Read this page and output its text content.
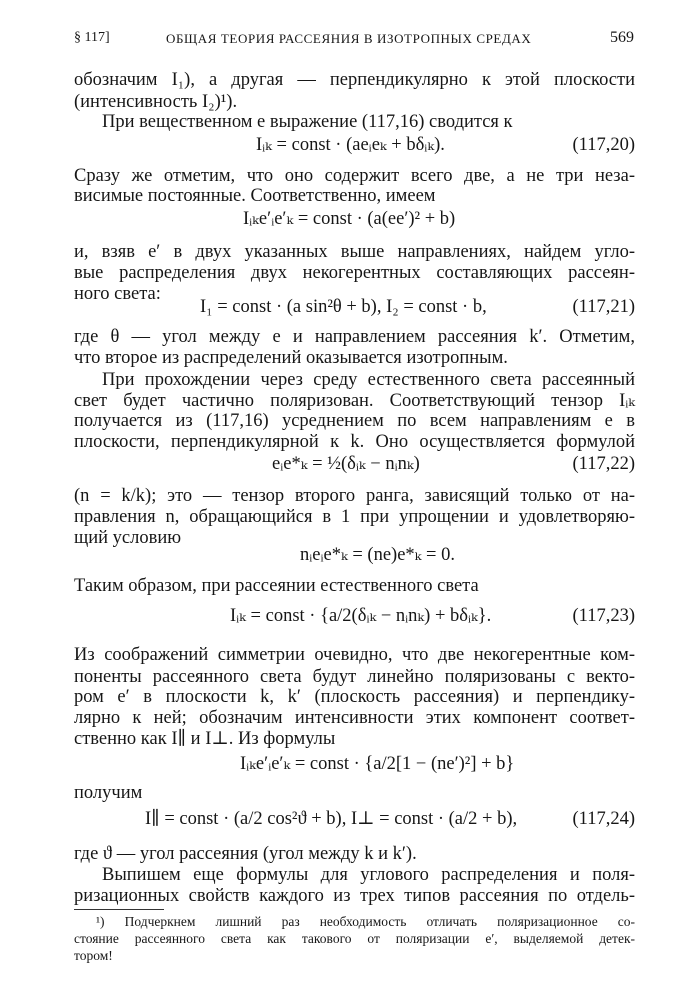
§ 117]	ОБЩАЯ ТЕОРИЯ РАССЕЯНИЯ В ИЗОТРОПНЫХ СРЕДАХ	569
обозначим I₁), а другая — перпендикулярно к этой плоскости
(интенсивность I₂)¹).
При вещественном e выражение (117,16) сводится к
Iᵢₖ = const · (aeᵢeₖ + bδᵢₖ).	(117,20)
Сразу же отметим, что оно содержит всего две, а не три неза-
висимые постоянные. Соответственно, имеем
Iᵢₖe′ᵢe′ₖ = const · (a(ee′)² + b)
и, взяв e′ в двух указанных выше направлениях, найдем угло-
вые распределения двух некогерентных составляющих рассеян-
ного света:
I₁ = const · (a sin²θ + b), I₂ = const · b,	(117,21)
где θ — угол между e и направлением рассеяния k′. Отметим,
что второе из распределений оказывается изотропным.
При прохождении через среду естественного света рассеянный
свет будет частично поляризован. Соответствующий тензор Iᵢₖ
получается из (117,16) усреднением по всем направлениям e в
плоскости, перпендикулярной к k. Оно осуществляется формулой
eᵢe*ₖ = ½(δᵢₖ − nᵢnₖ)	(117,22)
(n = k/k); это — тензор второго ранга, зависящий только от на-
правления n, обращающийся в 1 при упрощении и удовлетворяю-
щий условию
nᵢeᵢe*ₖ = (ne)e*ₖ = 0.
Таким образом, при рассеянии естественного света
Iᵢₖ = const · {a/2(δᵢₖ − nᵢnₖ) + bδᵢₖ}.	(117,23)
Из соображений симметрии очевидно, что две некогерентные ком-
поненты рассеянного света будут линейно поляризованы с векто-
ром e′ в плоскости k, k′ (плоскость рассеяния) и перпендику-
лярно к ней; обозначим интенсивности этих компонент соответ-
ственно как I∥ и I⊥. Из формулы
Iᵢₖe′ᵢe′ₖ = const · {a/2[1 − (ne′)²] + b}
получим
I∥ = const · (a/2 cos²ϑ + b), I⊥ = const · (a/2 + b),	(117,24)
где ϑ — угол рассеяния (угол между k и k′).
Выпишем еще формулы для углового распределения и поля-
ризационных свойств каждого из трех типов рассеяния по отдель-
¹) Подчеркнем лишний раз необходимость отличать поляризационное со-
стояние рассеянного света как такового от поляризации e′, выделяемой детек-
тором!
